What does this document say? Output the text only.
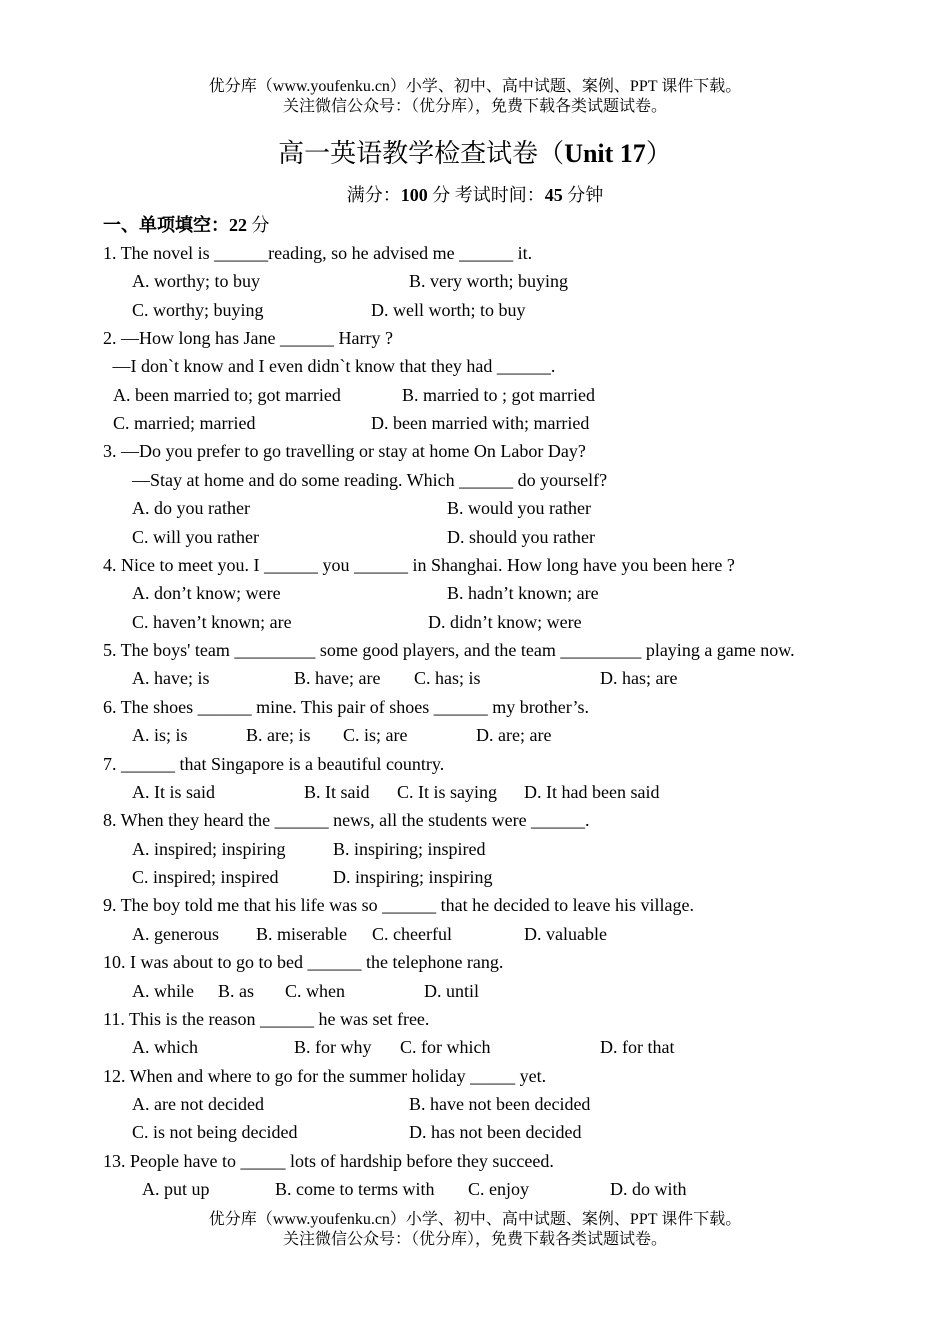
优分库（www.youfenku.cn）小学、初中、高中试题、案例、PPT 课件下载。
关注微信公众号：（优分库），免费下载各类试题试卷。
高一英语教学检查试卷（Unit 17）
满分：100 分 考试时间：45 分钟
一、单项填空：22 分
1. The novel is ______reading, so he advised me ______ it.
A. worthy; to buy	B. very worth; buying
C. worthy; buying	D. well worth; to buy
2. —How long has Jane ______ Harry ?
—I don`t know and I even didn`t know that they had ______.
A. been married to; got married	B. married to ; got married
C. married; married	D. been married with; married
3. —Do you prefer to go travelling or stay at home On Labor Day?
—Stay at home and do some reading. Which ______ do yourself?
A. do you rather	B. would you rather
C. will you rather	D. should you rather
4. Nice to meet you. I ______ you ______ in Shanghai. How long have you been here ?
A. don’t know; were	B. hadn’t known; are
C. haven’t known; are	D. didn’t know; were
5. The boys' team _________ some good players, and the team _________ playing a game now.
A. have; is	B. have; are C. has; is	D. has; are
6. The shoes ______ mine. This pair of shoes ______ my brother’s.
A. is; is	B. are; is C. is; are	D. are; are
7. ______ that Singapore is a beautiful country.
A. It is said	B. It said C. It is saying D. It had been said
8. When they heard the ______ news, all the students were ______.
A. inspired; inspiring	B. inspiring; inspired
C. inspired; inspired	D. inspiring; inspiring
9. The boy told me that his life was so ______ that he decided to leave his village.
A. generous B. miserable C. cheerful	D. valuable
10. I was about to go to bed ______ the telephone rang.
A. while B. as C. when	D. until
11. This is the reason ______ he was set free.
A. which	B. for why C. for which	D. for that
12. When and where to go for the summer holiday _____ yet.
A. are not decided	B. have not been decided
C. is not being decided	D. has not been decided
13. People have to _____ lots of hardship before they succeed.
A. put up	B. come to terms with C. enjoy	D. do with
优分库（www.youfenku.cn）小学、初中、高中试题、案例、PPT 课件下载。
关注微信公众号：（优分库），免费下载各类试题试卷。
